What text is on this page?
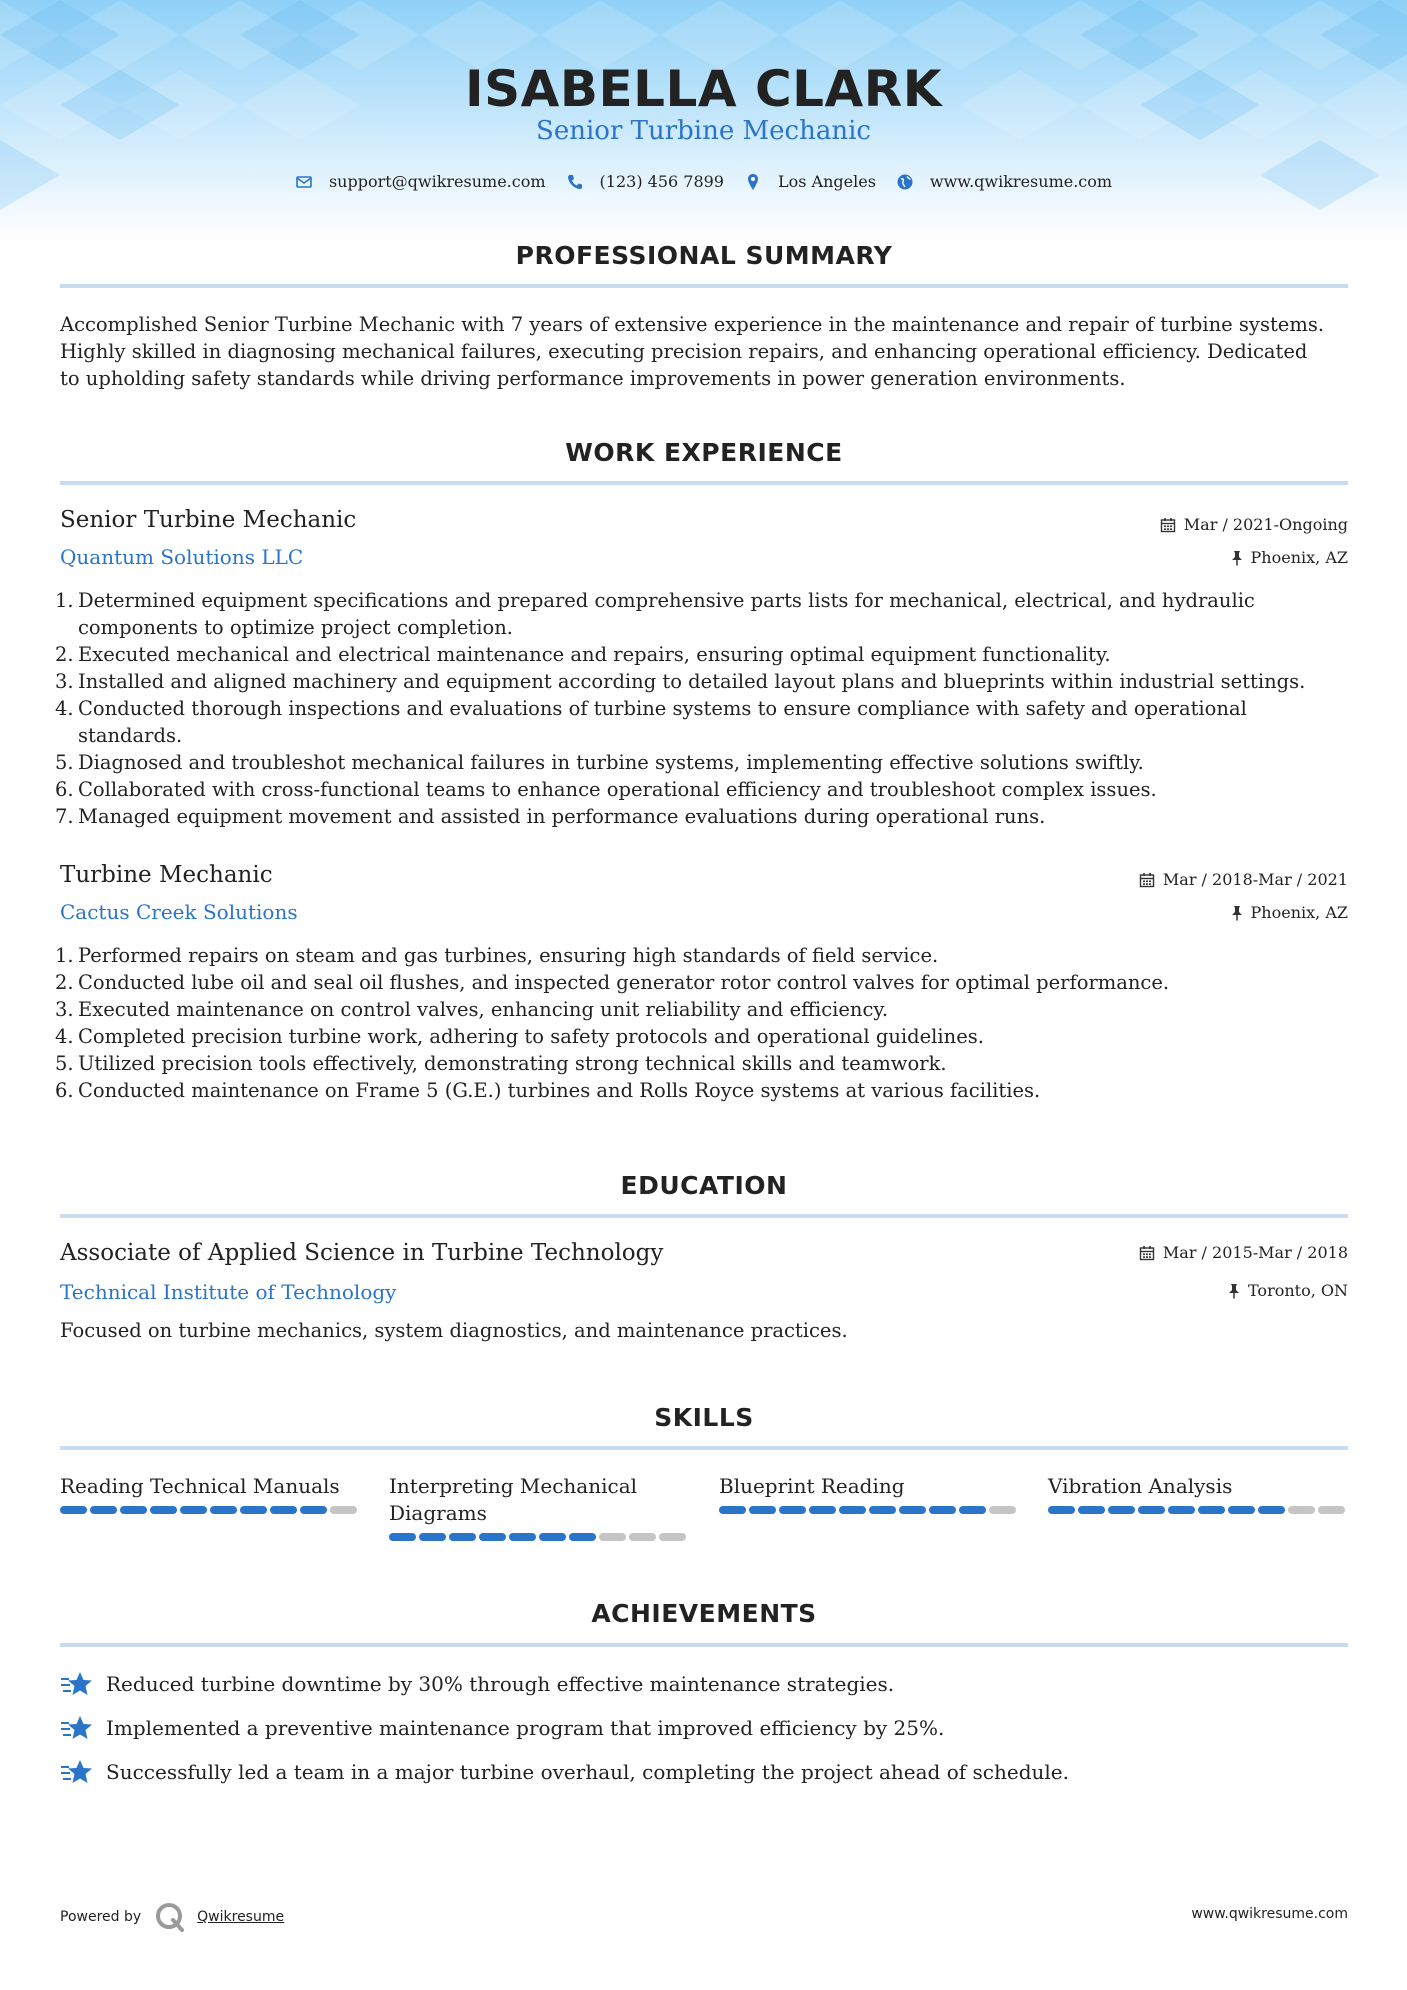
ISABELLA CLARK
Senior Turbine Mechanic
support@qwikresume.com	(123) 456 7899	Los Angeles	www.qwikresume.com
PROFESSIONAL SUMMARY
Accomplished Senior Turbine Mechanic with 7 years of extensive experience in the maintenance and repair of turbine systems.
Highly skilled in diagnosing mechanical failures, executing precision repairs, and enhancing operational efficiency. Dedicated
to upholding safety standards while driving performance improvements in power generation environments.
WORK EXPERIENCE
Senior Turbine Mechanic	Mar / 2021-Ongoing
Quantum Solutions LLC	Phoenix, AZ
1. Determined equipment specifications and prepared comprehensive parts lists for mechanical, electrical, and hydraulic components to optimize project completion.
2. Executed mechanical and electrical maintenance and repairs, ensuring optimal equipment functionality.
3. Installed and aligned machinery and equipment according to detailed layout plans and blueprints within industrial settings.
4. Conducted thorough inspections and evaluations of turbine systems to ensure compliance with safety and operational standards.
5. Diagnosed and troubleshot mechanical failures in turbine systems, implementing effective solutions swiftly.
6. Collaborated with cross-functional teams to enhance operational efficiency and troubleshoot complex issues.
7. Managed equipment movement and assisted in performance evaluations during operational runs.
Turbine Mechanic	Mar / 2018-Mar / 2021
Cactus Creek Solutions	Phoenix, AZ
1. Performed repairs on steam and gas turbines, ensuring high standards of field service.
2. Conducted lube oil and seal oil flushes, and inspected generator rotor control valves for optimal performance.
3. Executed maintenance on control valves, enhancing unit reliability and efficiency.
4. Completed precision turbine work, adhering to safety protocols and operational guidelines.
5. Utilized precision tools effectively, demonstrating strong technical skills and teamwork.
6. Conducted maintenance on Frame 5 (G.E.) turbines and Rolls Royce systems at various facilities.
EDUCATION
Associate of Applied Science in Turbine Technology	Mar / 2015-Mar / 2018
Technical Institute of Technology	Toronto, ON
Focused on turbine mechanics, system diagnostics, and maintenance practices.
SKILLS
Reading Technical Manuals	Interpreting Mechanical Diagrams
Blueprint Reading	Vibration Analysis
ACHIEVEMENTS
Reduced turbine downtime by 30% through effective maintenance strategies.
Implemented a preventive maintenance program that improved efficiency by 25%.
Successfully led a team in a major turbine overhaul, completing the project ahead of schedule.
Powered by	Qwikresume	www.qwikresume.com
